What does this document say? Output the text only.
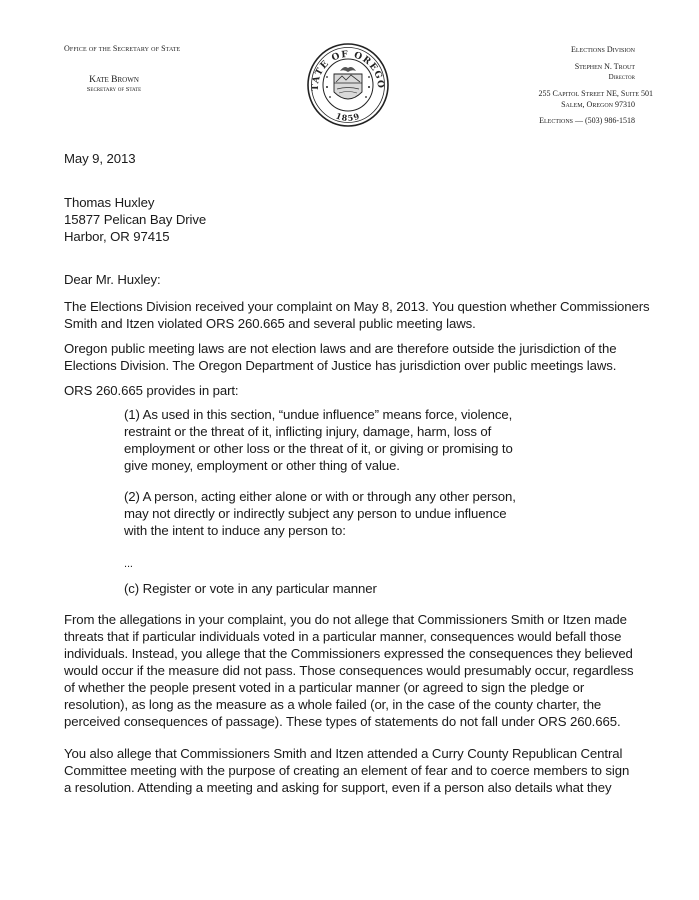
Office of the Secretary of State
Kate Brown
Secretary of State	TATE OF OREGO
1859
Elections Division
Stephen N. Trout
Director
255 Capitol Street NE, Suite 501
Salem, Oregon 97310
Elections — (503) 986-1518

May 9, 2013

Thomas Huxley
15877 Pelican Bay Drive
Harbor, OR 97415

Dear Mr. Huxley:

The Elections Division received your complaint on May 8, 2013. You question whether Commissioners Smith and Itzen violated ORS 260.665 and several public meeting laws.

Oregon public meeting laws are not election laws and are therefore outside the jurisdiction of the Elections Division. The Oregon Department of Justice has jurisdiction over public meetings laws.

ORS 260.665 provides in part:

(1) As used in this section, “undue influence” means force, violence, restraint or the threat of it, inflicting injury, damage, harm, loss of employment or other loss or the threat of it, or giving or promising to give money, employment or other thing of value.

(2) A person, acting either alone or with or through any other person, may not directly or indirectly subject any person to undue influence with the intent to induce any person to:

...

(c) Register or vote in any particular manner

From the allegations in your complaint, you do not allege that Commissioners Smith or Itzen made threats that if particular individuals voted in a particular manner, consequences would befall those individuals. Instead, you allege that the Commissioners expressed the consequences they believed would occur if the measure did not pass. Those consequences would presumably occur, regardless of whether the people present voted in a particular manner (or agreed to sign the pledge or resolution), as long as the measure as a whole failed (or, in the case of the county charter, the perceived consequences of passage). These types of statements do not fall under ORS 260.665.

You also allege that Commissioners Smith and Itzen attended a Curry County Republican Central Committee meeting with the purpose of creating an element of fear and to coerce members to sign a resolution. Attending a meeting and asking for support, even if a person also details what they
